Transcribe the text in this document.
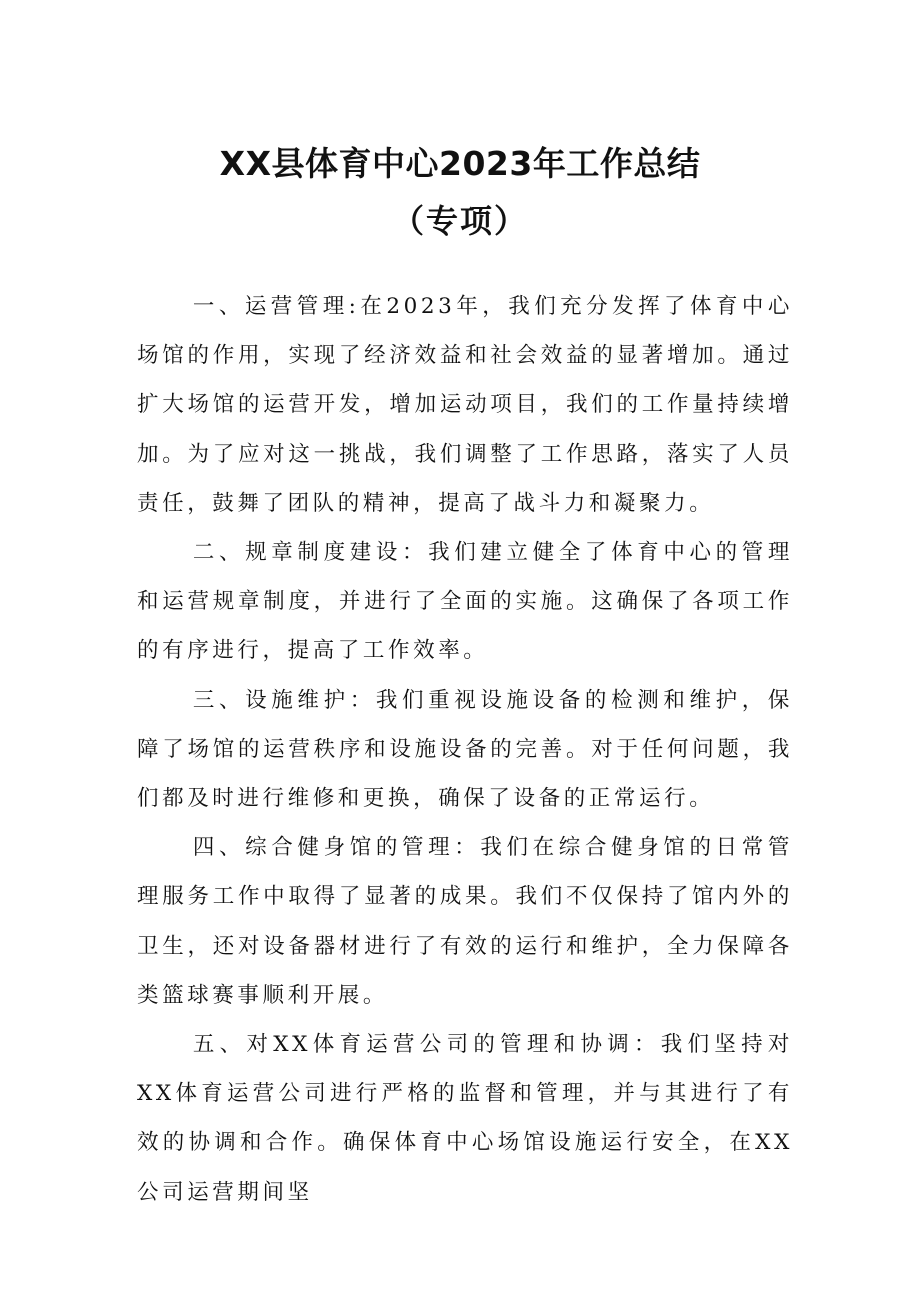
XX县体育中心2023年工作总结
（专项）

一、运营管理:在2023年，我们充分发挥了体育中心场馆的作用，实现了经济效益和社会效益的显著增加。通过扩大场馆的运营开发，增加运动项目，我们的工作量持续增加。为了应对这一挑战，我们调整了工作思路，落实了人员责任，鼓舞了团队的精神，提高了战斗力和凝聚力。

二、规章制度建设：我们建立健全了体育中心的管理和运营规章制度，并进行了全面的实施。这确保了各项工作的有序进行，提高了工作效率。

三、设施维护：我们重视设施设备的检测和维护，保障了场馆的运营秩序和设施设备的完善。对于任何问题，我们都及时进行维修和更换，确保了设备的正常运行。

四、综合健身馆的管理：我们在综合健身馆的日常管理服务工作中取得了显著的成果。我们不仅保持了馆内外的卫生，还对设备器材进行了有效的运行和维护，全力保障各类篮球赛事顺利开展。

五、对XX体育运营公司的管理和协调：我们坚持对XX体育运营公司进行严格的监督和管理，并与其进行了有效的协调和合作。确保体育中心场馆设施运行安全，在XX公司运营期间坚
